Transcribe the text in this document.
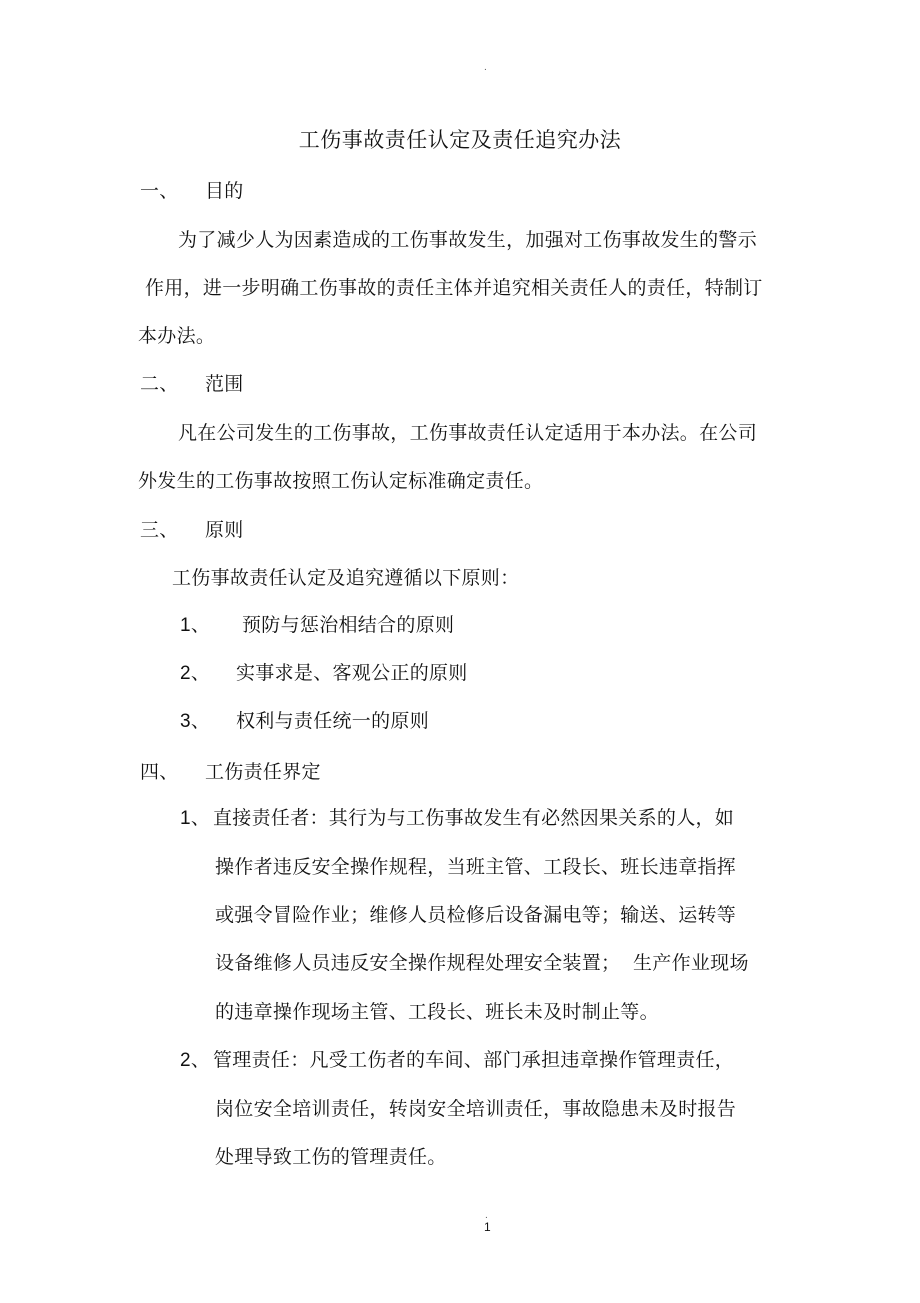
.
工伤事故责任认定及责任追究办法
一、 目的
为了减少人为因素造成的工伤事故发生，加强对工伤事故发生的警示
作用，进一步明确工伤事故的责任主体并追究相关责任人的责任，特制订
本办法。
二、 范围
凡在公司发生的工伤事故，工伤事故责任认定适用于本办法。在公司
外发生的工伤事故按照工伤认定标准确定责任。
三、 原则
工伤事故责任认定及追究遵循以下原则：
1、 预防与惩治相结合的原则
2、 实事求是、客观公正的原则
3、 权利与责任统一的原则
四、 工伤责任界定
1、 直接责任者：其行为与工伤事故发生有必然因果关系的人，如
操作者违反安全操作规程，当班主管、工段长、班长违章指挥
或强令冒险作业；维修人员检修后设备漏电等；输送、运转等
设备维修人员违反安全操作规程处理安全装置；  生产作业现场
的违章操作现场主管、工段长、班长未及时制止等。
2、 管理责任：凡受工伤者的车间、部门承担违章操作管理责任，
岗位安全培训责任，转岗安全培训责任，事故隐患未及时报告
处理导致工伤的管理责任。
.
1
